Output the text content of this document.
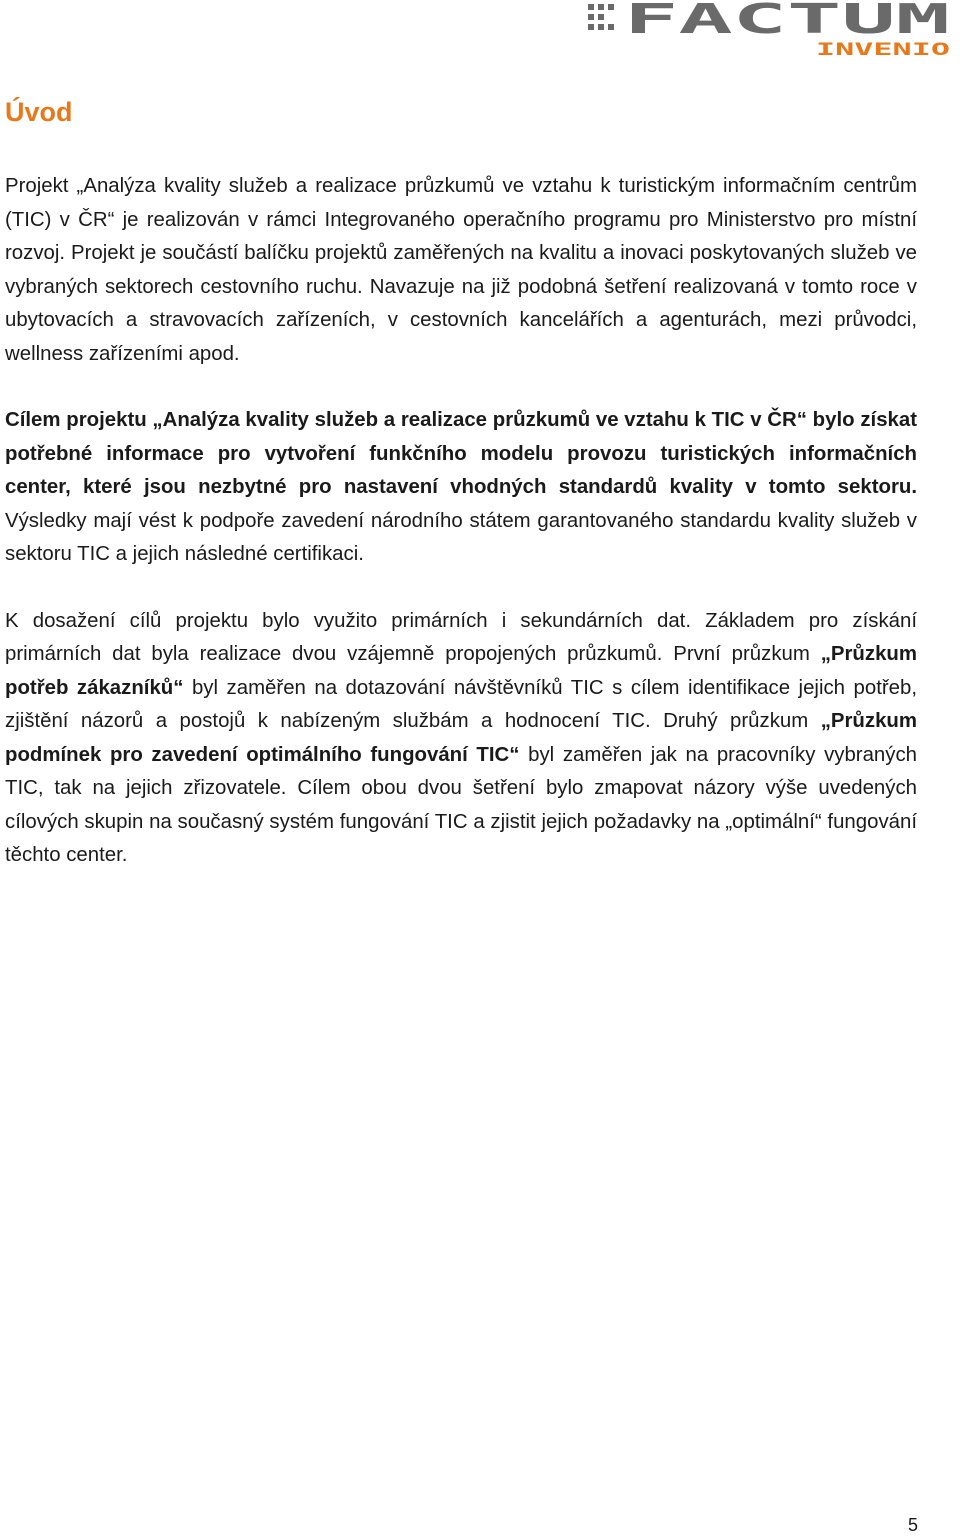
FACTUM
INVENIO
Úvod

Projekt „Analýza kvality služeb a realizace průzkumů ve vztahu k turistickým informačním centrům (TIC) v ČR“ je realizován v rámci Integrovaného operačního programu pro Ministerstvo pro místní rozvoj. Projekt je součástí balíčku projektů zaměřených na kvalitu a inovaci poskytovaných služeb ve vybraných sektorech cestovního ruchu. Navazuje na již podobná šetření realizovaná v tomto roce v ubytovacích a stravovacích zařízeních, v cestovních kancelářích a agenturách, mezi průvodci, wellness zařízeními apod.

Cílem projektu „Analýza kvality služeb a realizace průzkumů ve vztahu k TIC v ČR“ bylo získat potřebné informace pro vytvoření funkčního modelu provozu turistických informačních center, které jsou nezbytné pro nastavení vhodných standardů kvality v tomto sektoru. Výsledky mají vést k podpoře zavedení národního státem garantovaného standardu kvality služeb v sektoru TIC a jejich následné certifikaci.

K dosažení cílů projektu bylo využito primárních i sekundárních dat. Základem pro získání primárních dat byla realizace dvou vzájemně propojených průzkumů. První průzkum „Průzkum potřeb zákazníků“ byl zaměřen na dotazování návštěvníků TIC s cílem identifikace jejich potřeb, zjištění názorů a postojů k nabízeným službám a hodnocení TIC. Druhý průzkum „Průzkum podmínek pro zavedení optimálního fungování TIC“ byl zaměřen jak na pracovníky vybraných TIC, tak na jejich zřizovatele. Cílem obou dvou šetření bylo zmapovat názory výše uvedených cílových skupin na současný systém fungování TIC a zjistit jejich požadavky na „optimální“ fungování těchto center.

5
